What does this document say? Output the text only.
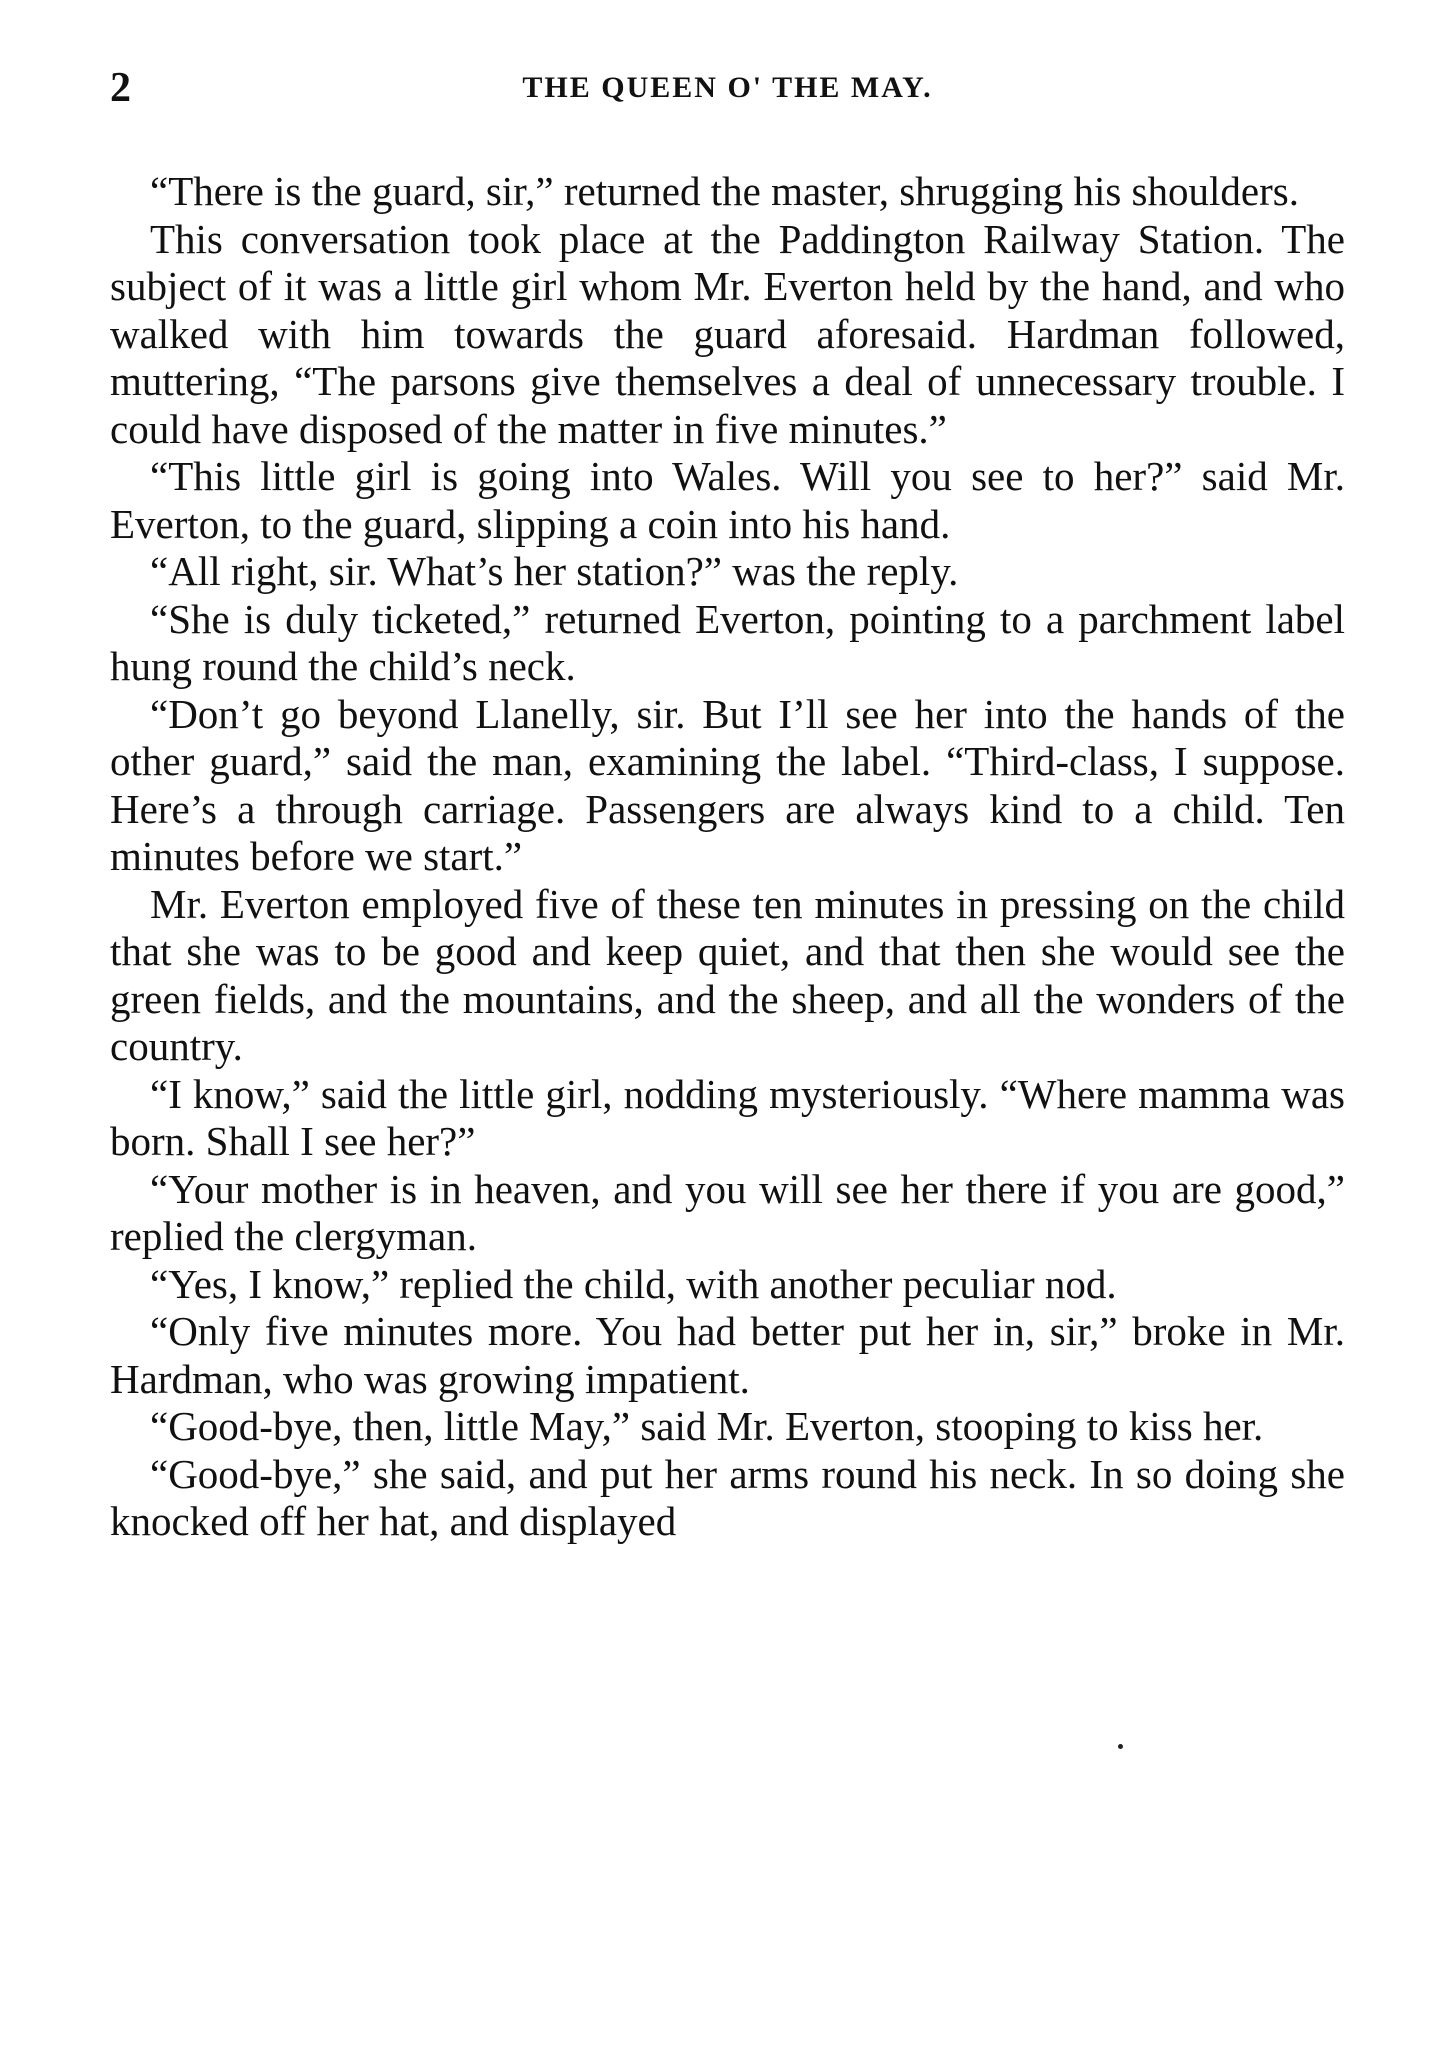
2	THE QUEEN O' THE MAY.

“There is the guard, sir,” returned the master, shrugging his shoulders.

This conversation took place at the Paddington Railway Station. The subject of it was a little girl whom Mr. Everton held by the hand, and who walked with him towards the guard aforesaid. Hardman followed, muttering, “The parsons give themselves a deal of unnecessary trouble. I could have disposed of the matter in five minutes.”

“This little girl is going into Wales. Will you see to her?” said Mr. Everton, to the guard, slipping a coin into his hand.

“All right, sir. What’s her station?” was the reply.

“She is duly ticketed,” returned Everton, pointing to a parchment label hung round the child’s neck.

“Don’t go beyond Llanelly, sir. But I’ll see her into the hands of the other guard,” said the man, examining the label. “Third-class, I suppose. Here’s a through carriage. Passengers are always kind to a child. Ten minutes before we start.”

Mr. Everton employed five of these ten minutes in pressing on the child that she was to be good and keep quiet, and that then she would see the green fields, and the mountains, and the sheep, and all the wonders of the country.

“I know,” said the little girl, nodding mysteriously. “Where mamma was born. Shall I see her?”

“Your mother is in heaven, and you will see her there if you are good,” replied the clergyman.

“Yes, I know,” replied the child, with another peculiar nod.

“Only five minutes more. You had better put her in, sir,” broke in Mr. Hardman, who was growing impatient.

“Good-bye, then, little May,” said Mr. Everton, stooping to kiss her.

“Good-bye,” she said, and put her arms round his neck. In so doing she knocked off her hat, and displayed
